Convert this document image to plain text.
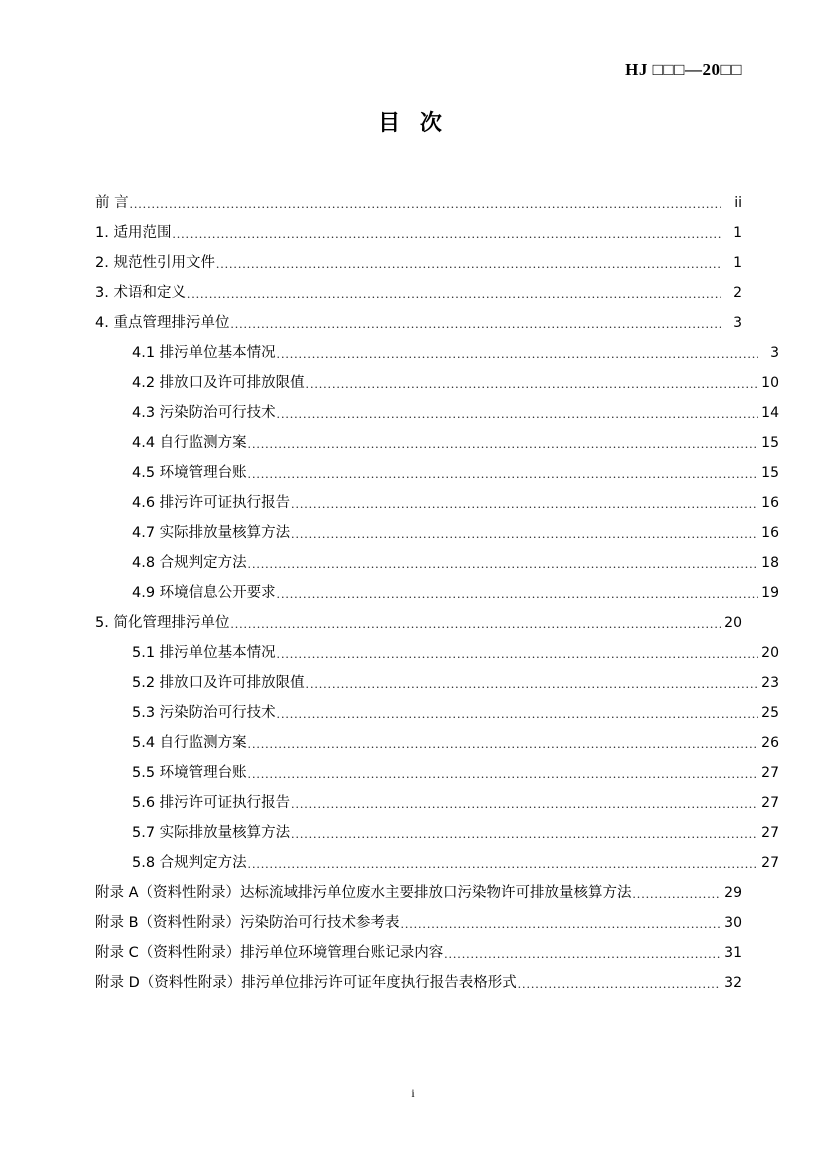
HJ □□□—20□□
目 次
前 言 .....	ii
1. 适用范围 .....	1
2. 规范性引用文件 .....	1
3. 术语和定义 .....	2
4. 重点管理排污单位 .....	3
4.1 排污单位基本情况 .....	3
4.2 排放口及许可排放限值 .....	10
4.3 污染防治可行技术 .....	14
4.4 自行监测方案 .....	15
4.5 环境管理台账 .....	15
4.6 排污许可证执行报告 .....	16
4.7 实际排放量核算方法 .....	16
4.8 合规判定方法 .....	18
4.9 环境信息公开要求 .....	19
5. 简化管理排污单位 .....	20
5.1 排污单位基本情况 .....	20
5.2 排放口及许可排放限值 .....	23
5.3 污染防治可行技术 .....	25
5.4 自行监测方案 .....	26
5.5 环境管理台账 .....	27
5.6 排污许可证执行报告 .....	27
5.7 实际排放量核算方法 .....	27
5.8 合规判定方法 .....	27
附录 A（资料性附录）达标流域排污单位废水主要排放口污染物许可排放量核算方法 .....	29
附录 B（资料性附录）污染防治可行技术参考表 .....	30
附录 C（资料性附录）排污单位环境管理台账记录内容 .....	31
附录 D（资料性附录）排污单位排污许可证年度执行报告表格形式 .....	32
i
